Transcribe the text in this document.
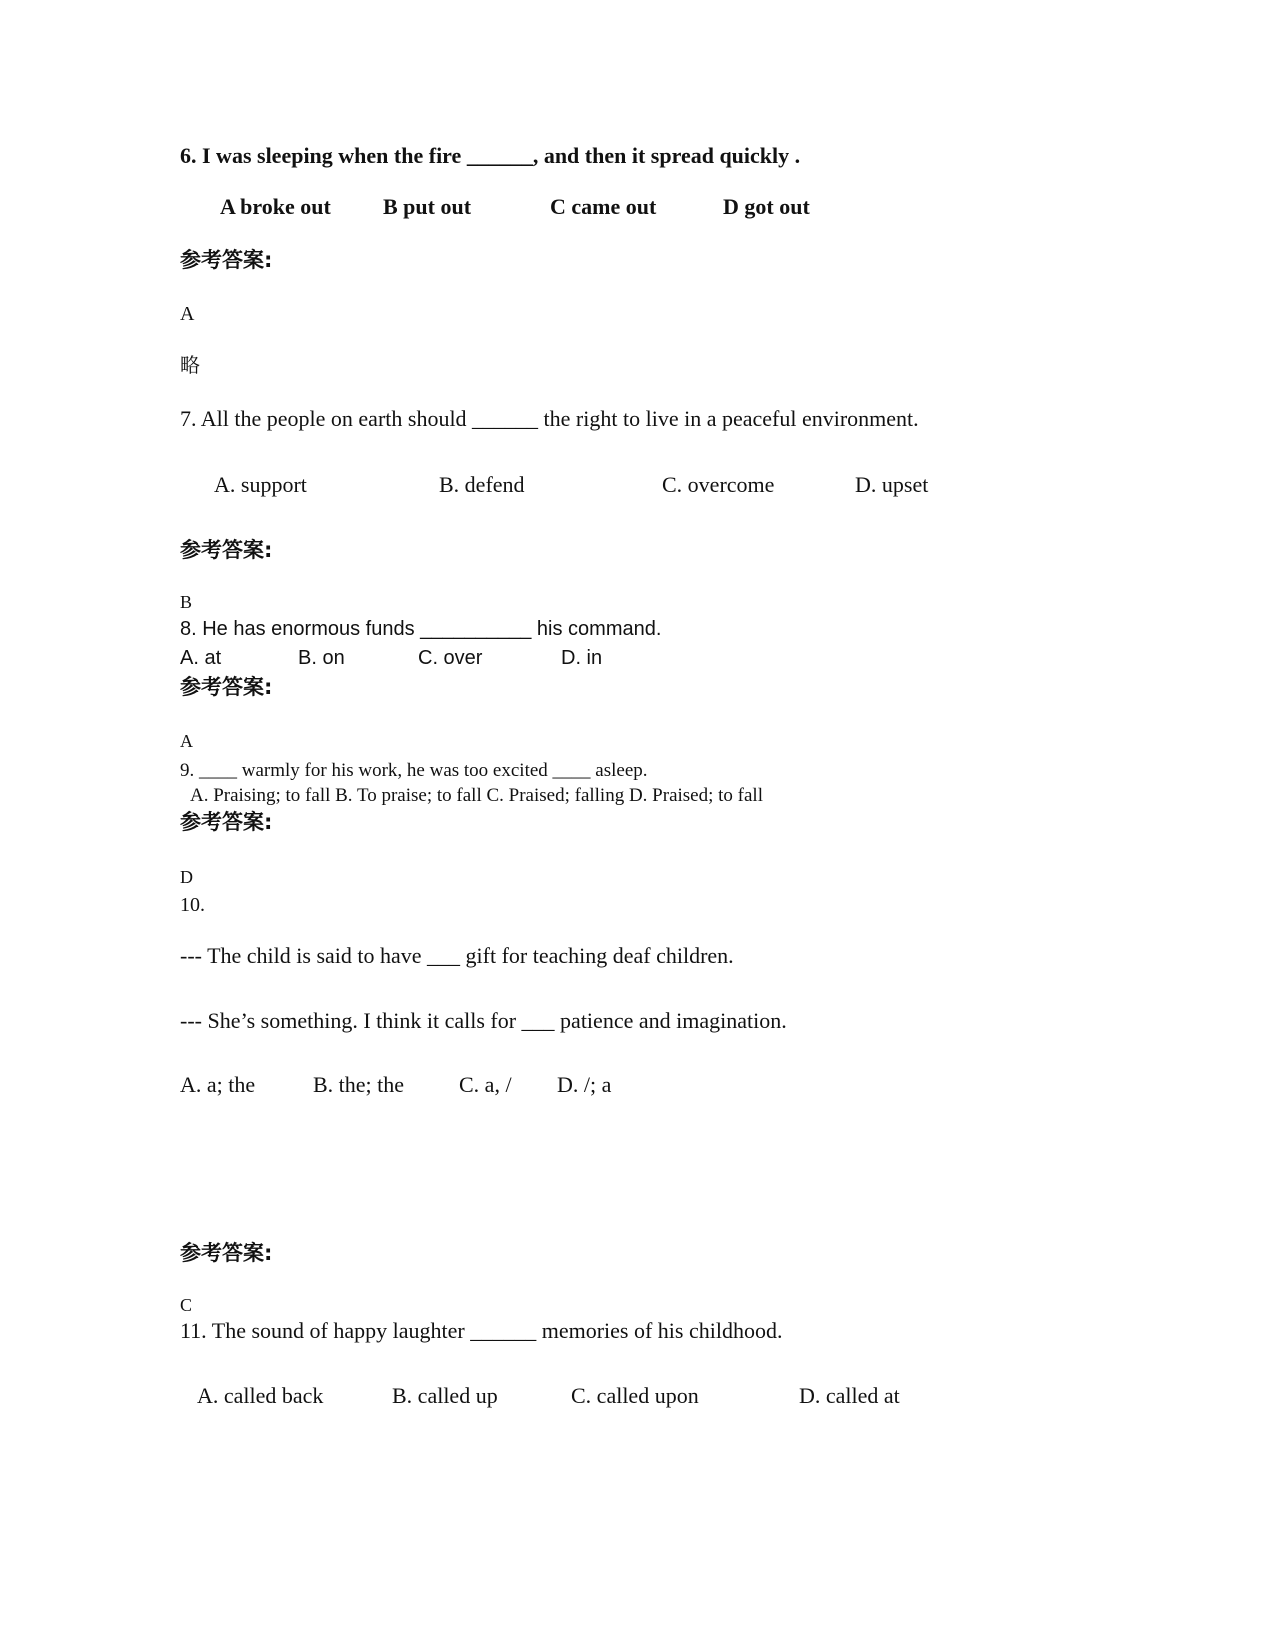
6. I was sleeping when the fire ______, and then it spread quickly .
A broke out B put out	C came out	D got out
参考答案:
A
略
7. All the people on earth should ______ the right to live in a peaceful environment.
A. support	B. defend	C. overcome	D. upset
参考答案:
B
8. He has enormous funds __________ his command.
A. at	B. on	C. over	D. in
参考答案:
A
9. ____ warmly for his work, he was too excited ____ asleep.
A. Praising; to fall B. To praise; to fall C. Praised; falling D. Praised; to fall
参考答案:
D
10.
--- The child is said to have ___ gift for teaching deaf children.
--- She’s something. I think it calls for ___ patience and imagination.
A. a; the	B. the; the C. a, / D. /; a
参考答案:
C
11. The sound of happy laughter ______ memories of his childhood.
A. called back	B. called up	C. called upon	D. called at
